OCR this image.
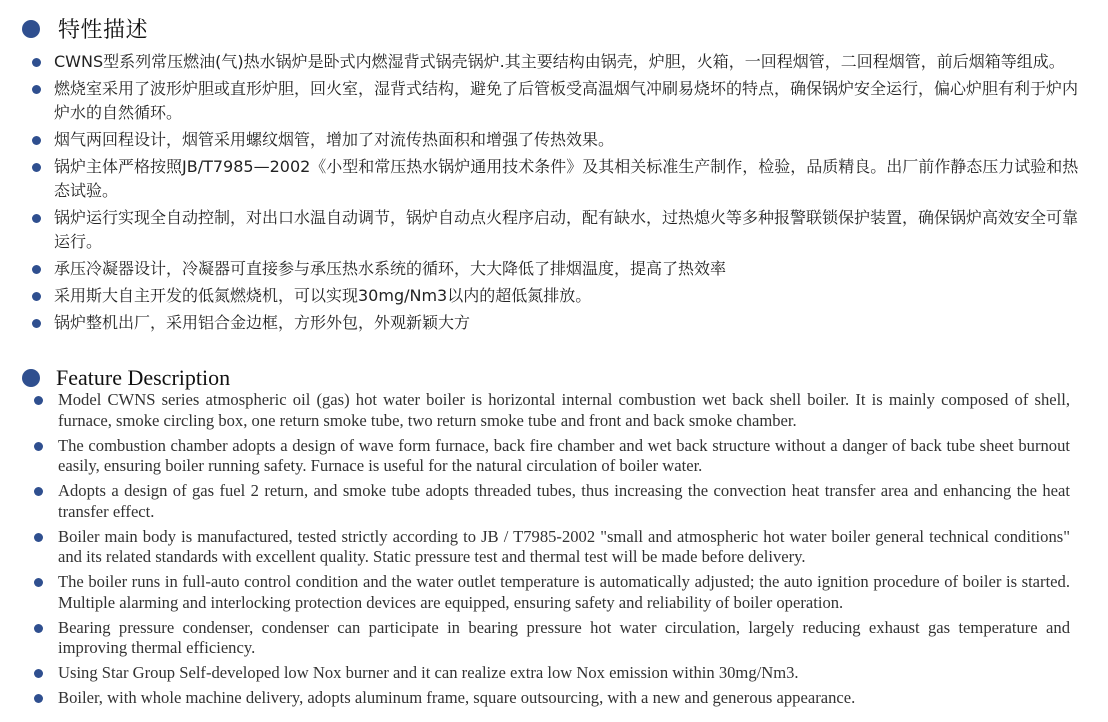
特性描述
CWNS型系列常压燃油(气)热水锅炉是卧式内燃湿背式锅壳锅炉.其主要结构由锅壳，炉胆，火箱，一回程烟管，二回程烟管，前后烟箱等组成。
燃烧室采用了波形炉胆或直形炉胆，回火室，湿背式结构，避免了后管板受高温烟气冲刷易烧坏的特点，确保锅炉安全运行，偏心炉胆有利于炉内炉水的自然循环。
烟气两回程设计，烟管采用螺纹烟管，增加了对流传热面积和增强了传热效果。
锅炉主体严格按照JB/T7985—2002《小型和常压热水锅炉通用技术条件》及其相关标准生产制作，检验，品质精良。出厂前作静态压力试验和热态试验。
锅炉运行实现全自动控制，对出口水温自动调节，锅炉自动点火程序启动，配有缺水，过热熄火等多种报警联锁保护装置，确保锅炉高效安全可靠运行。
承压冷凝器设计，冷凝器可直接参与承压热水系统的循环，大大降低了排烟温度，提高了热效率
采用斯大自主开发的低氮燃烧机，可以实现30mg/Nm3以内的超低氮排放。
锅炉整机出厂，采用铝合金边框，方形外包，外观新颖大方
Feature Description
Model CWNS series atmospheric oil (gas) hot water boiler is horizontal internal combustion wet back shell boiler. It is mainly composed of shell, furnace, smoke circling box, one return smoke tube, two return smoke tube and front and back smoke chamber.
The combustion chamber adopts a design of wave form furnace, back fire chamber and wet back structure without a danger of back tube sheet burnout easily, ensuring boiler running safety. Furnace is useful for the natural circulation of boiler water.
Adopts a design of gas fuel 2 return, and smoke tube adopts threaded tubes, thus increasing the convection heat transfer area and enhancing the heat transfer effect.
Boiler main body is manufactured, tested strictly according to JB / T7985-2002 "small and atmospheric hot water boiler general technical conditions" and its related standards with excellent quality. Static pressure test and thermal test will be made before delivery.
The boiler runs in full-auto control condition and the water outlet temperature is automatically adjusted; the auto ignition procedure of boiler is started. Multiple alarming and interlocking protection devices are equipped, ensuring safety and reliability of boiler operation.
Bearing pressure condenser, condenser can participate in bearing pressure hot water circulation, largely reducing exhaust gas temperature and improving thermal efficiency.
Using Star Group Self-developed low Nox burner and it can realize extra low Nox emission within 30mg/Nm3.
Boiler, with whole machine delivery, adopts aluminum frame, square outsourcing, with a new and generous appearance.
